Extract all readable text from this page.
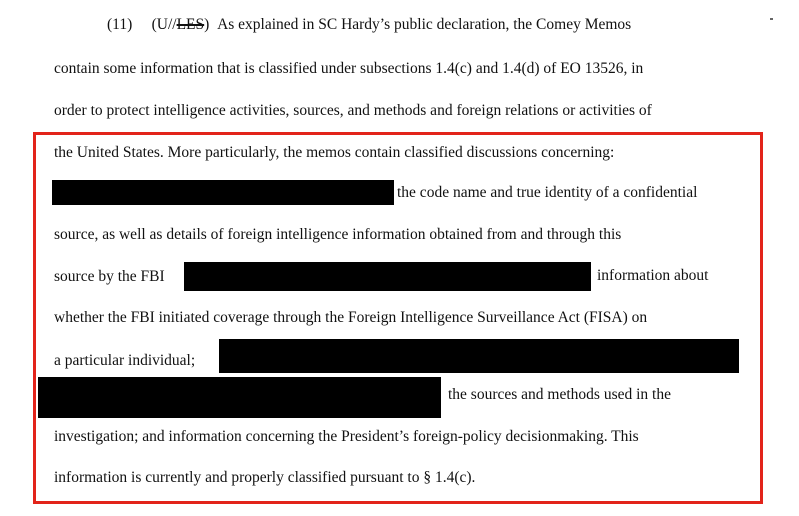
(11) (U//LES) As explained in SC Hardy’s public declaration, the Comey Memos
contain some information that is classified under subsections 1.4(c) and 1.4(d) of EO 13526, in
order to protect intelligence activities, sources, and methods and foreign relations or activities of
the United States. More particularly, the memos contain classified discussions concerning:
the code name and true identity of a confidential
source, as well as details of foreign intelligence information obtained from and through this
source by the FBI	information about
whether the FBI initiated coverage through the Foreign Intelligence Surveillance Act (FISA) on
a particular individual;
the sources and methods used in the
investigation; and information concerning the President’s foreign-policy decisionmaking. This
information is currently and properly classified pursuant to § 1.4(c).
